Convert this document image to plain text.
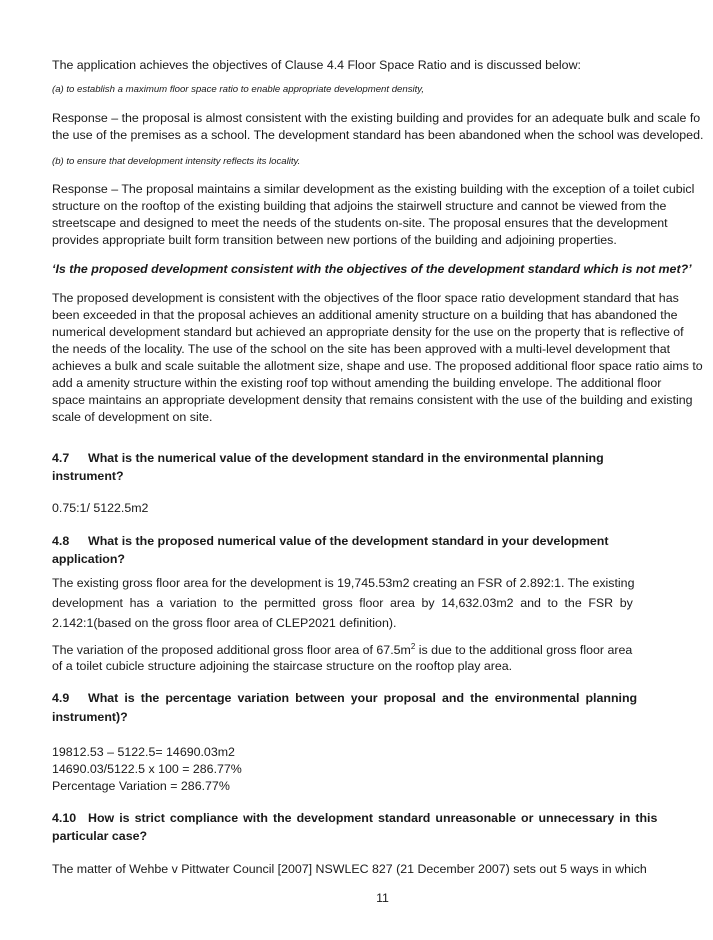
The application achieves the objectives of Clause 4.4 Floor Space Ratio and is discussed below:
(a) to establish a maximum floor space ratio to enable appropriate development density,
Response – the proposal is almost consistent with the existing building and provides for an adequate bulk and scale fo
the use of the premises as a school. The development standard has been abandoned when the school was developed.
(b) to ensure that development intensity reflects its locality.
Response – The proposal maintains a similar development as the existing building with the exception of a toilet cubicl
structure on the rooftop of the existing building that adjoins the stairwell structure and cannot be viewed from the
streetscape and designed to meet the needs of the students on-site. The proposal ensures that the development
provides appropriate built form transition between new portions of the building and adjoining properties.
‘Is the proposed development consistent with the objectives of the development standard which is not met?’
The proposed development is consistent with the objectives of the floor space ratio development standard that has
been exceeded in that the proposal achieves an additional amenity structure on a building that has abandoned the
numerical development standard but achieved an appropriate density for the use on the property that is reflective of
the needs of the locality. The use of the school on the site has been approved with a multi-level development that
achieves a bulk and scale suitable the allotment size, shape and use. The proposed additional floor space ratio aims to
add a amenity structure within the existing roof top without amending the building envelope. The additional floor
space maintains an appropriate development density that remains consistent with the use of the building and existing
scale of development on site.
4.7 What is the numerical value of the development standard in the environmental planning
instrument?
0.75:1/ 5122.5m2
4.8 What is the proposed numerical value of the development standard in your development
application?
The existing gross floor area for the development is 19,745.53m2 creating an FSR of 2.892:1. The existing
development has a variation to the permitted gross floor area by 14,632.03m2 and to the FSR by
2.142:1(based on the gross floor area of CLEP2021 definition).
The variation of the proposed additional gross floor area of $67.5m^2$ is due to the additional gross floor area
of a toilet cubicle structure adjoining the staircase structure on the rooftop play area.
4.9 What is the percentage variation between your proposal and the environmental planning
instrument)?
19812.53 – 5122.5= 14690.03m2
14690.03/5122.5 x 100 = 286.77%
Percentage Variation = 286.77%
4.10 How is strict compliance with the development standard unreasonable or unnecessary in this
particular case?
The matter of Wehbe v Pittwater Council [2007] NSWLEC 827 (21 December 2007) sets out 5 ways in which
11
